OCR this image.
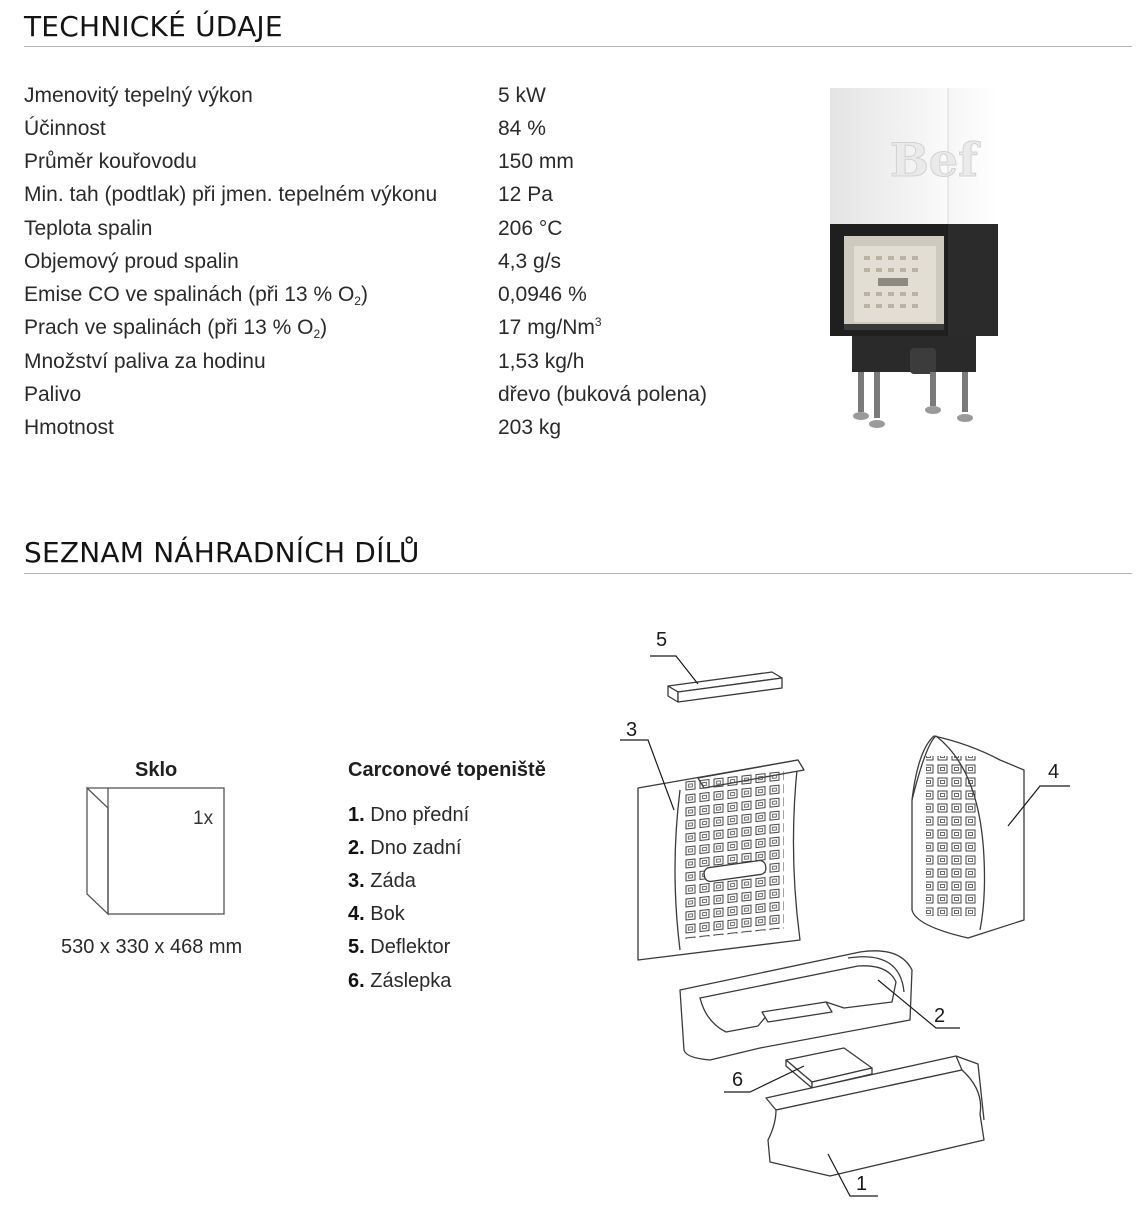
TECHNICKÉ ÚDAJE
Jmenovitý tepelný výkon	5 kW
Účinnost	84 %
Průměr kouřovodu	150 mm
Min. tah (podtlak) při jmen. tepelném výkonu	12 Pa
Teplota spalin	206 °C
Objemový proud spalin	4,3 g/s
Emise CO ve spalinách (při 13 % $O_2$)	0,0946 %
Prach ve spalinách (při 13 % $O_2$)	17 mg/Nm$^3$
Množství paliva za hodinu	1,53 kg/h
Palivo	dřevo (buková polena)
Hmotnost	203 kg
Bef
SEZNAM NÁHRADNÍCH DÍLŮ
Sklo
1x
530 x 330 x 468 mm
Carconové topeniště
1. Dno přední
2. Dno zadní
3. Záda
4. Bok
5. Deflektor
6. Záslepka
5
3
4
2
6
1
